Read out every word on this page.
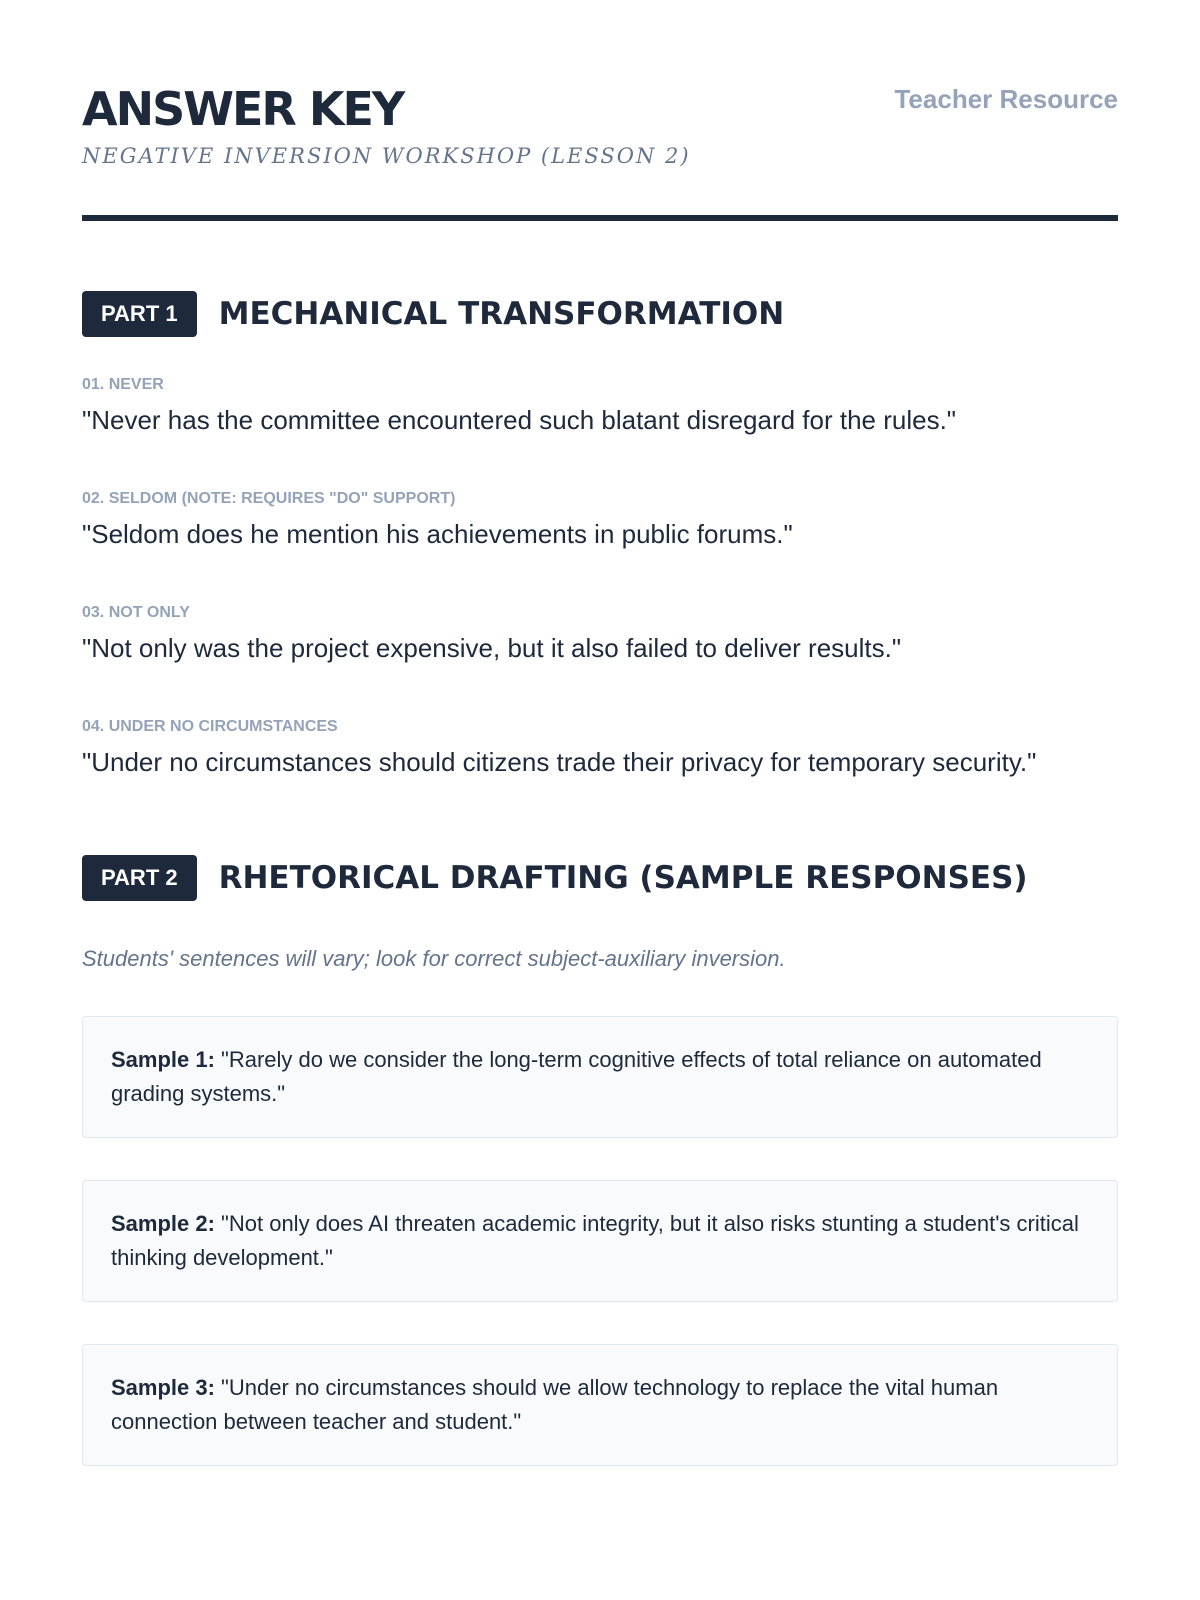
ANSWER KEY
NEGATIVE INVERSION WORKSHOP (LESSON 2)
Teacher Resource
PART 1	MECHANICAL TRANSFORMATION
01. NEVER
"Never has the committee encountered such blatant disregard for the rules."
02. SELDOM (NOTE: REQUIRES "DO" SUPPORT)
"Seldom does he mention his achievements in public forums."
03. NOT ONLY
"Not only was the project expensive, but it also failed to deliver results."
04. UNDER NO CIRCUMSTANCES
"Under no circumstances should citizens trade their privacy for temporary security."
PART 2	RHETORICAL DRAFTING (SAMPLE RESPONSES)
Students' sentences will vary; look for correct subject-auxiliary inversion.
Sample 1: "Rarely do we consider the long-term cognitive effects of total reliance on automated grading systems."
Sample 2: "Not only does AI threaten academic integrity, but it also risks stunting a student's critical thinking development."
Sample 3: "Under no circumstances should we allow technology to replace the vital human connection between teacher and student."
